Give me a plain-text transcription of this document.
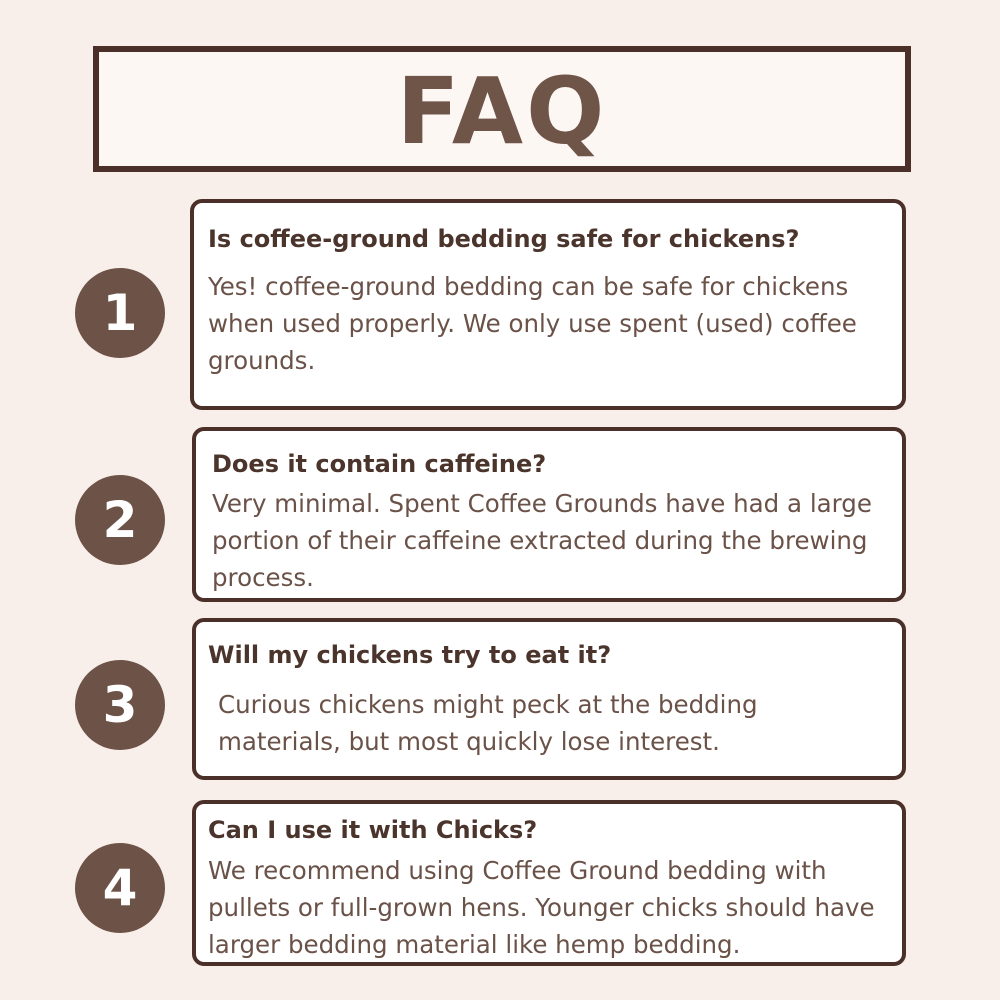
FAQ
1
Is coffee-ground bedding safe for chickens?
Yes! coffee-ground bedding can be safe for chickens when used properly. We only use spent (used) coffee grounds.
2
Does it contain caffeine?
Very minimal. Spent Coffee Grounds have had a large portion of their caffeine extracted during the brewing process.
3
Will my chickens try to eat it?
Curious chickens might peck at the bedding materials, but most quickly lose interest.
4
Can I use it with Chicks?
We recommend using Coffee Ground bedding with pullets or full-grown hens. Younger chicks should have larger bedding material like hemp bedding.
